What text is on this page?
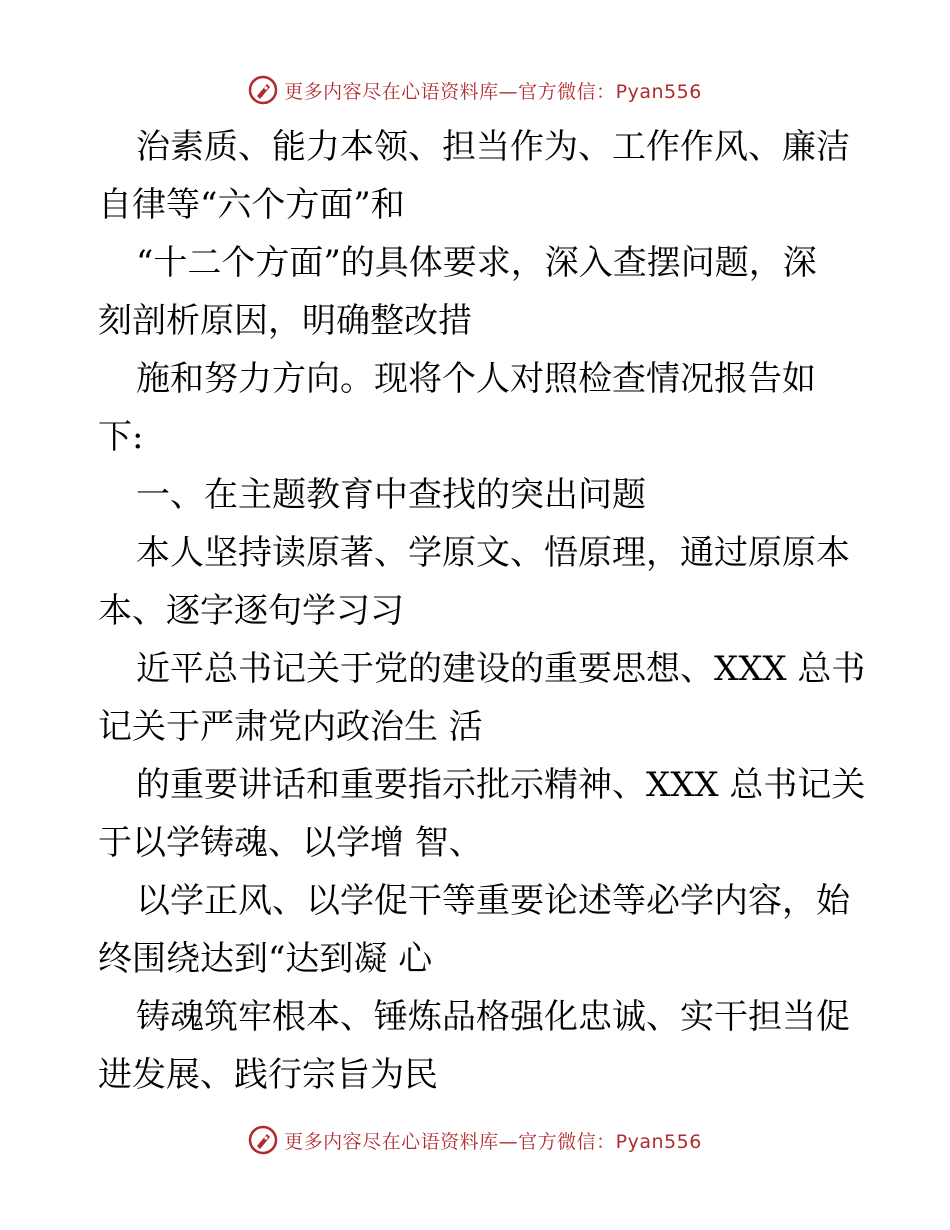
更多内容尽在心语资料库—官方微信：Pyan556

治素质、能力本领、担当作为、工作作风、廉洁
自律等“六个方面”和

“十二个方面”的具体要求，深入查摆问题，深
刻剖析原因，明确整改措

施和努力方向。现将个人对照检查情况报告如
下:

一、在主题教育中查找的突出问题

本人坚持读原著、学原文、悟原理，通过原原本
本、逐字逐句学习习

近平总书记关于党的建设的重要思想、XXX 总书
记关于严肃党内政治生 活

的重要讲话和重要指示批示精神、XXX 总书记关
于以学铸魂、以学增 智、

以学正风、以学促干等重要论述等必学内容，始
终围绕达到“达到凝 心

铸魂筑牢根本、锤炼品格强化忠诚、实干担当促
进发展、践行宗旨为民

更多内容尽在心语资料库—官方微信：Pyan556
